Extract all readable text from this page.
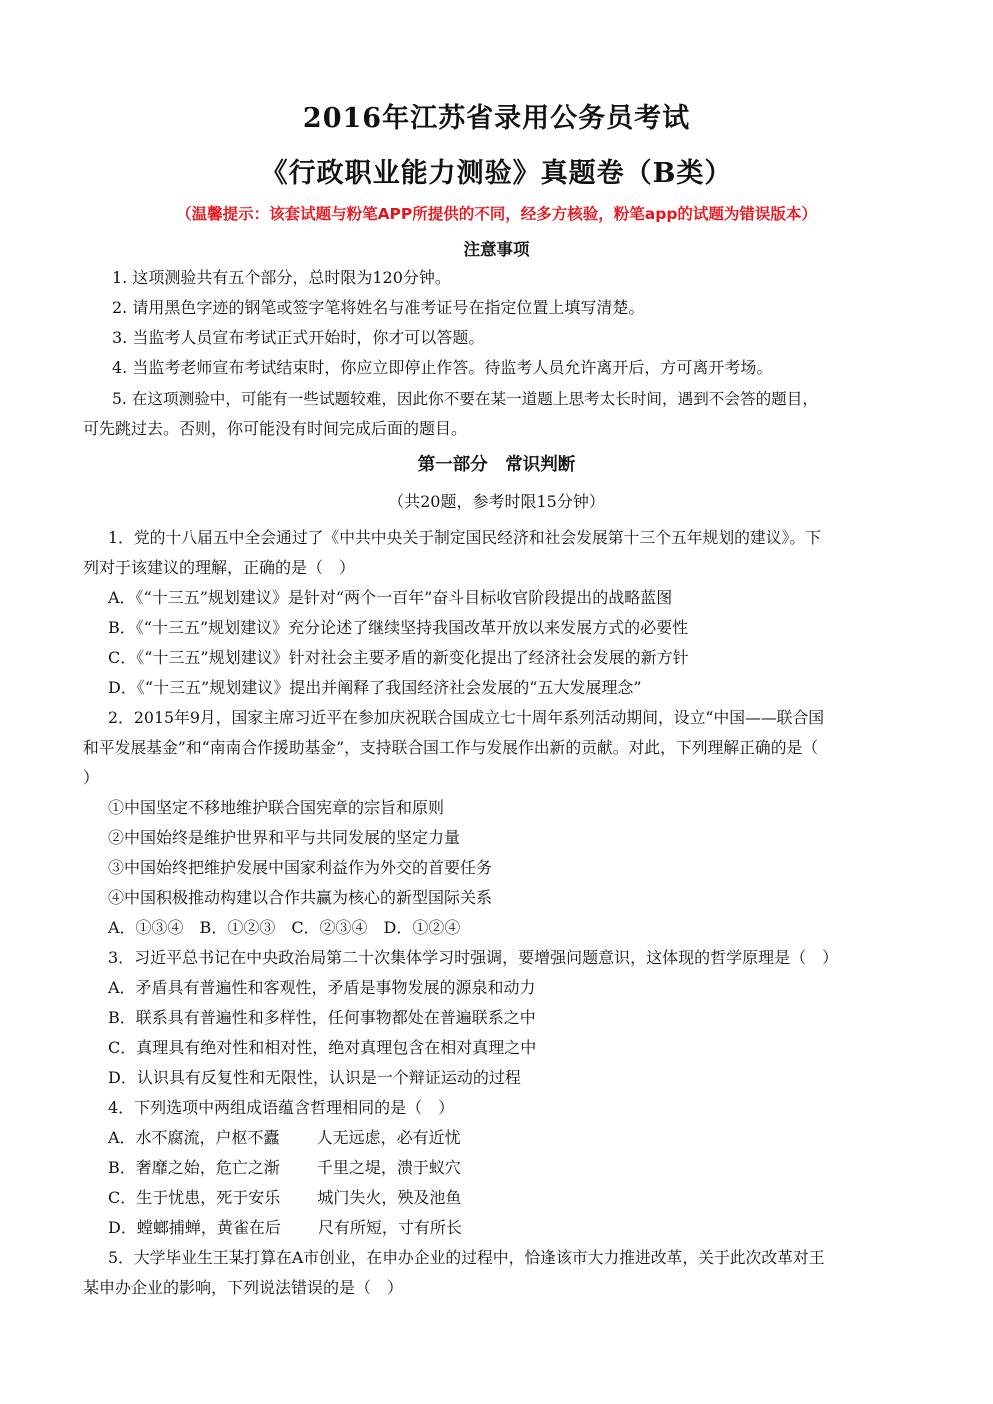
2016年江苏省录用公务员考试
《行政职业能力测验》真题卷（B类）
（温馨提示：该套试题与粉笔APP所提供的不同，经多方核验，粉笔app的试题为错误版本）
注意事项
1. 这项测验共有五个部分，总时限为120分钟。
2. 请用黑色字迹的钢笔或签字笔将姓名与准考证号在指定位置上填写清楚。
3. 当监考人员宣布考试正式开始时，你才可以答题。
4. 当监考老师宣布考试结束时，你应立即停止作答。待监考人员允许离开后，方可离开考场。
5. 在这项测验中，可能有一些试题较难，因此你不要在某一道题上思考太长时间，遇到不会答的题目，
可先跳过去。否则，你可能没有时间完成后面的题目。
第一部分　常识判断
（共20题，参考时限15分钟）
1．党的十八届五中全会通过了《中共中央关于制定国民经济和社会发展第十三个五年规划的建议》。下
列对于该建议的理解，正确的是（　）
A．《“十三五”规划建议》是针对“两个一百年”奋斗目标收官阶段提出的战略蓝图
B．《“十三五”规划建议》充分论述了继续坚持我国改革开放以来发展方式的必要性
C．《“十三五”规划建议》针对社会主要矛盾的新变化提出了经济社会发展的新方针
D．《“十三五”规划建议》提出并阐释了我国经济社会发展的“五大发展理念”
2．2015年9月，国家主席习近平在参加庆祝联合国成立七十周年系列活动期间，设立“中国——联合国
和平发展基金”和“南南合作援助基金”，支持联合国工作与发展作出新的贡献。对此，下列理解正确的是（
）
①中国坚定不移地维护联合国宪章的宗旨和原则
②中国始终是维护世界和平与共同发展的坚定力量
③中国始终把维护发展中国家利益作为外交的首要任务
④中国积极推动构建以合作共赢为核心的新型国际关系
A．①③④　B．①②③　C．②③④　D．①②④
3．习近平总书记在中央政治局第二十次集体学习时强调，要增强问题意识，这体现的哲学原理是（　）
A．矛盾具有普遍性和客观性，矛盾是事物发展的源泉和动力
B．联系具有普遍性和多样性，任何事物都处在普遍联系之中
C．真理具有绝对性和相对性，绝对真理包含在相对真理之中
D．认识具有反复性和无限性，认识是一个辩证运动的过程
4．下列选项中两组成语蕴含哲理相同的是（　）
A．水不腐流，户枢不蠹　　 人无远虑，必有近忧
B．奢靡之始，危亡之渐　　 千里之堤，溃于蚁穴
C．生于忧患，死于安乐　　 城门失火，殃及池鱼
D．螳螂捕蝉，黄雀在后　　 尺有所短，寸有所长
5．大学毕业生王某打算在A市创业，在申办企业的过程中，恰逢该市大力推进改革，关于此次改革对王
某申办企业的影响，下列说法错误的是（　）
